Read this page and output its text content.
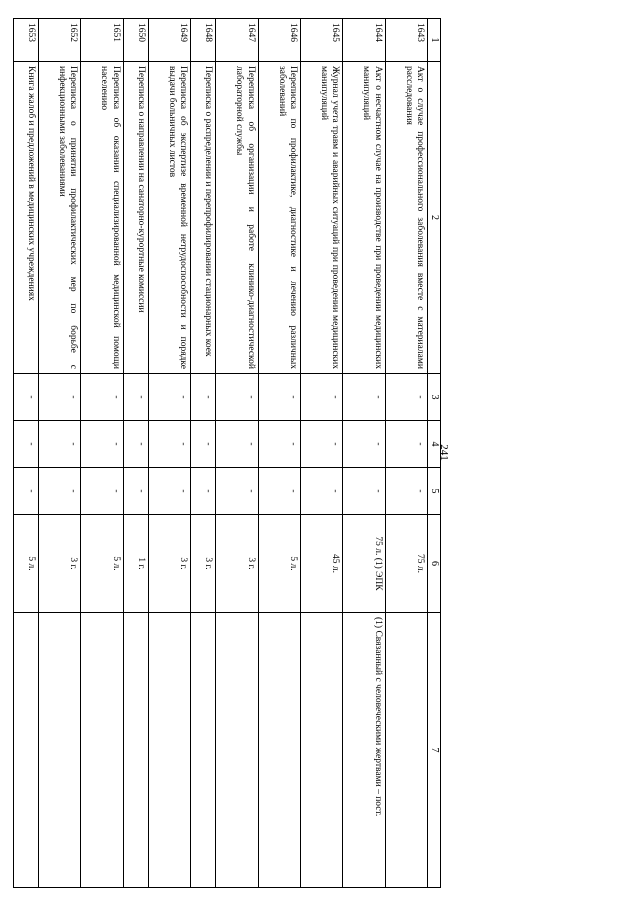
241
1	2	3	4	5	6	7
1643	Акт о случае профессионального заболевания вместе с материалами расследования	-	-	-	75 л.	
1644	Акт о несчастном случае на производстве при проведении медицинских манипуляций	-	-	-	75 л. (1) ЭПК	(1) Связанный с человеческими жертвами – пост.
1645	Журнал учета травм и аварийных ситуаций при проведении медицинских манипуляций	-	-	-	45 л.	
1646	Переписка по профилактике, диагностике и лечению различных заболеваний	-	-	-	5 л.	
1647	Переписка об организации и работе клинико-диагностической лабораторной службы	-	-	-	3 г.	
1648	Переписка о распределении и перепрофилировании стационарных коек	-	-	-	3 г.	
1649	Переписка об экспертизе временной нетрудоспособности и порядке выдачи больничных листов	-	-	-	3 г.	
1650	Переписка о направлении на санаторно-курортные комиссии	-	-	-	1 г.	
1651	Переписка об оказании специализированной медицинской помощи населению	-	-	-	5 л.	
1652	Переписка о принятии профилактических мер по борьбе с инфекционными заболеваниями	-	-	-	3 г.	
1653	Книга жалоб и предложений в медицинских учреждениях	-	-	-	5 л.	
